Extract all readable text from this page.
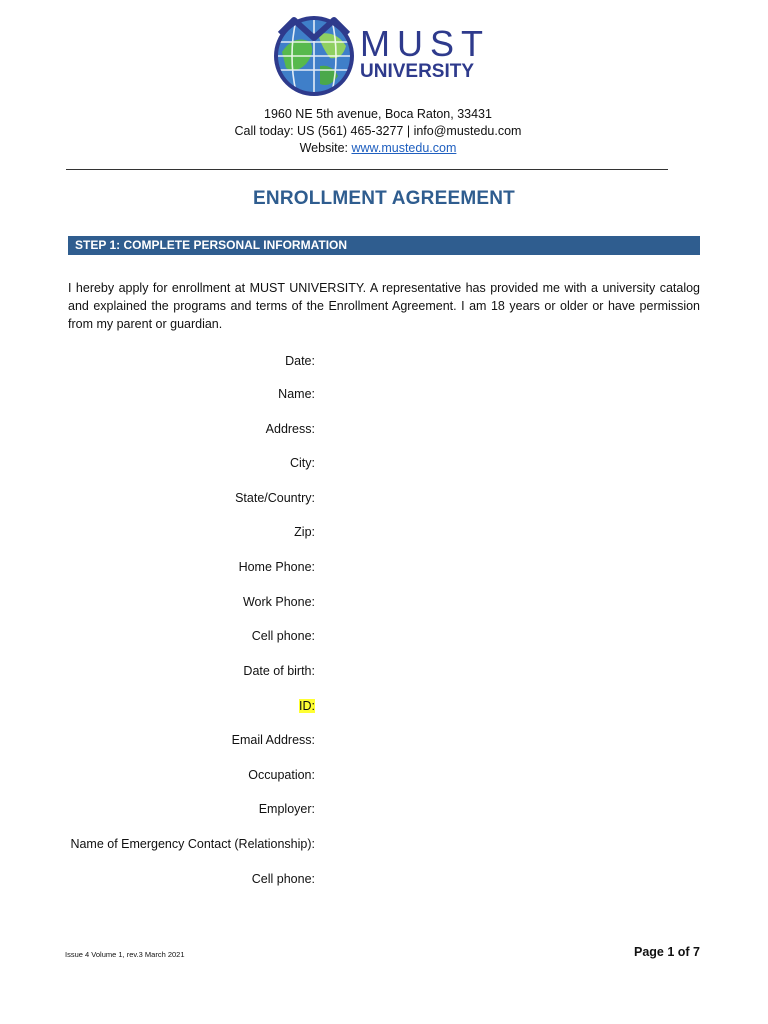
MUST
UNIVERSITY
1960 NE 5th avenue, Boca Raton, 33431
Call today: US (561) 465-3277 | info@mustedu.com
Website: www.mustedu.com
ENROLLMENT AGREEMENT
STEP 1: COMPLETE PERSONAL INFORMATION
I hereby apply for enrollment at MUST UNIVERSITY. A representative has provided me with a university catalog and explained the programs and terms of the Enrollment Agreement. I am 18 years or older or have permission from my parent or guardian.
Date:
Name:
Address:
City:
State/Country:
Zip:
Home Phone:
Work Phone:
Cell phone:
Date of birth:
ID:
Email Address:
Occupation:
Employer:
Name of Emergency Contact (Relationship):
Cell phone:
Issue 4 Volume 1, rev.3 March 2021	Page 1 of 7
